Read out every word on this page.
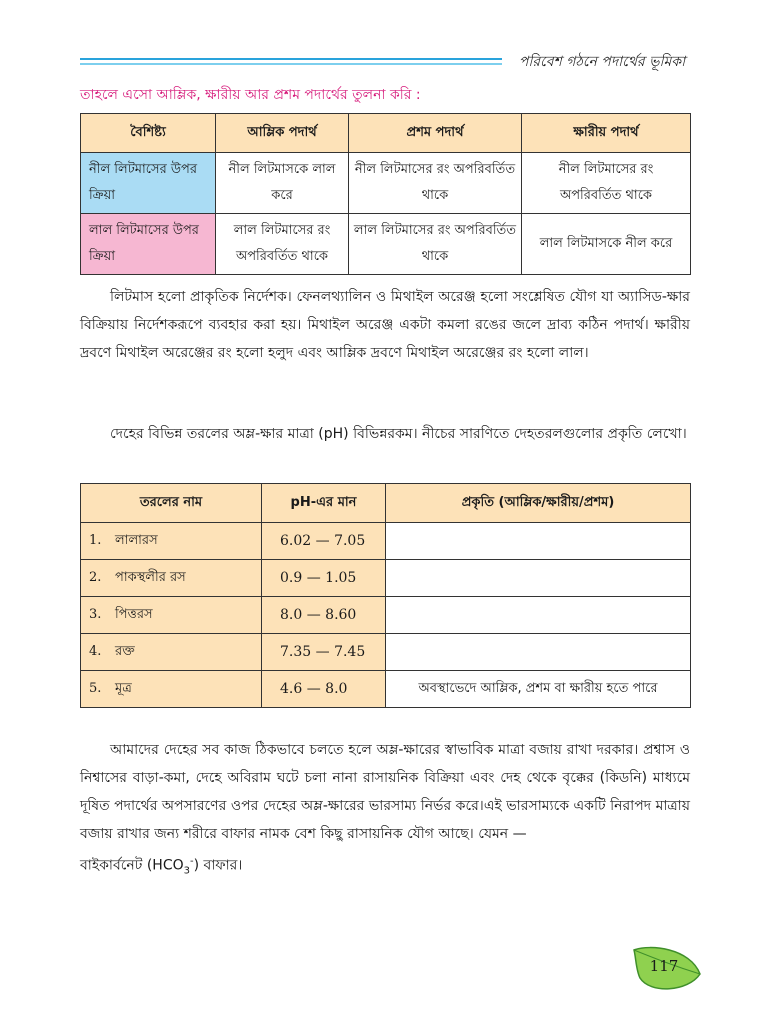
পরিবেশ গঠনে পদার্থের ভূমিকা
তাহলে এসো আম্লিক, ক্ষারীয় আর প্রশম পদার্থের তুলনা করি :
বৈশিষ্ট্য	আম্লিক পদার্থ	প্রশম পদার্থ	ক্ষারীয় পদার্থ
নীল লিটমাসের উপর ক্রিয়া	নীল লিটমাসকে লাল করে	নীল লিটমাসের রং অপরিবর্তিত থাকে	নীল লিটমাসের রং অপরিবর্তিত থাকে
লাল লিটমাসের উপর ক্রিয়া	লাল লিটমাসের রং অপরিবর্তিত থাকে	লাল লিটমাসের রং অপরিবর্তিত থাকে	লাল লিটমাসকে নীল করে

লিটমাস হলো প্রাকৃতিক নির্দেশক। ফেনলথ্যালিন ও মিথাইল অরেঞ্জ হলো সংশ্লেষিত যৌগ যা অ্যাসিড-ক্ষার বিক্রিয়ায় নির্দেশকরূপে ব্যবহার করা হয়। মিথাইল অরেঞ্জ একটা কমলা রঙের জলে দ্রাব্য কঠিন পদার্থ। ক্ষারীয় দ্রবণে মিথাইল অরেঞ্জের রং হলো হলুদ এবং আম্লিক দ্রবণে মিথাইল অরেঞ্জের রং হলো লাল।

দেহের বিভিন্ন তরলের অম্ল-ক্ষার মাত্রা (pH) বিভিন্নরকম। নীচের সারণিতে দেহতরলগুলোর প্রকৃতি লেখো।

তরলের নাম	pH-এর মান	প্রকৃতি (আম্লিক/ক্ষারীয়/প্রশম)
1. লালারস	6.02 — 7.05	
2. পাকস্থলীর রস	0.9 — 1.05	
3. পিত্তরস	8.0 — 8.60	
4. রক্ত	7.35 — 7.45	
5. মূত্র	4.6 — 8.0	অবস্থাভেদে আম্লিক, প্রশম বা ক্ষারীয় হতে পারে
আমাদের দেহের সব কাজ ঠিকভাবে চলতে হলে অম্ল-ক্ষারের স্বাভাবিক মাত্রা বজায় রাখা দরকার। প্রশ্বাস ও নিশ্বাসের বাড়া-কমা, দেহে অবিরাম ঘটে চলা নানা রাসায়নিক বিক্রিয়া এবং দেহ থেকে বৃক্কের (কিডনি) মাধ্যমে দূষিত পদার্থের অপসারণের ওপর দেহের অম্ল-ক্ষারের ভারসাম্য নির্ভর করে।এই ভারসাম্যকে একটি নিরাপদ মাত্রায় বজায় রাখার জন্য শরীরে বাফার নামক বেশ কিছু রাসায়নিক যৌগ আছে। যেমন —
বাইকার্বনেট $(HCO_3^-)$ বাফার।
117
